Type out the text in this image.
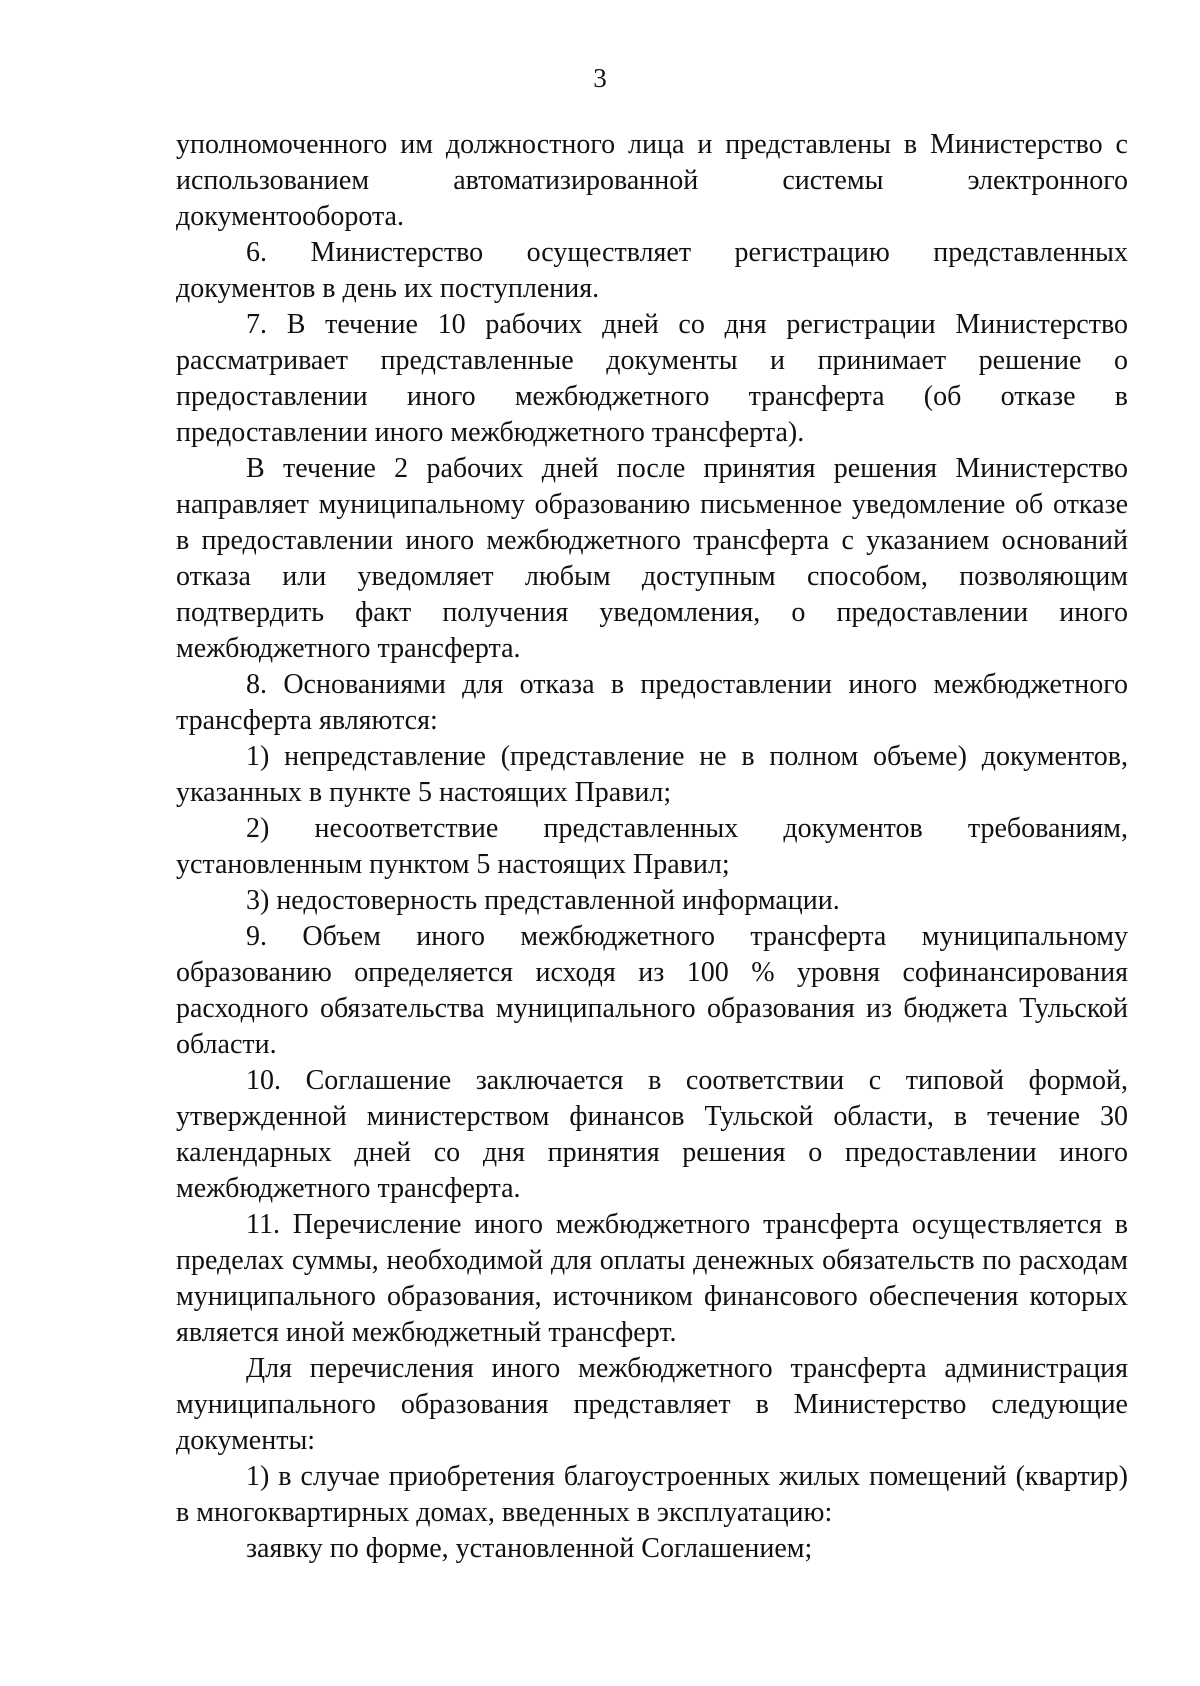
3

уполномоченного им должностного лица и представлены в Министерство с использованием автоматизированной системы электронного документооборота.

6. Министерство осуществляет регистрацию представленных документов в день их поступления.

7. В течение 10 рабочих дней со дня регистрации Министерство рассматривает представленные документы и принимает решение о предоставлении иного межбюджетного трансферта (об отказе в предоставлении иного межбюджетного трансферта).

В течение 2 рабочих дней после принятия решения Министерство направляет муниципальному образованию письменное уведомление об отказе в предоставлении иного межбюджетного трансферта с указанием оснований отказа или уведомляет любым доступным способом, позволяющим подтвердить факт получения уведомления, о предоставлении иного межбюджетного трансферта.

8. Основаниями для отказа в предоставлении иного межбюджетного трансферта являются:

1) непредставление (представление не в полном объеме) документов, указанных в пункте 5 настоящих Правил;

2) несоответствие представленных документов требованиям, установленным пунктом 5 настоящих Правил;

3) недостоверность представленной информации.

9. Объем иного межбюджетного трансферта муниципальному образованию определяется исходя из 100 % уровня софинансирования расходного обязательства муниципального образования из бюджета Тульской области.

10. Соглашение заключается в соответствии с типовой формой, утвержденной министерством финансов Тульской области, в течение 30 календарных дней со дня принятия решения о предоставлении иного межбюджетного трансферта.

11. Перечисление иного межбюджетного трансферта осуществляется в пределах суммы, необходимой для оплаты денежных обязательств по расходам муниципального образования, источником финансового обеспечения которых является иной межбюджетный трансферт.

Для перечисления иного межбюджетного трансферта администрация муниципального образования представляет в Министерство следующие документы:

1) в случае приобретения благоустроенных жилых помещений (квартир) в многоквартирных домах, введенных в эксплуатацию:

заявку по форме, установленной Соглашением;
